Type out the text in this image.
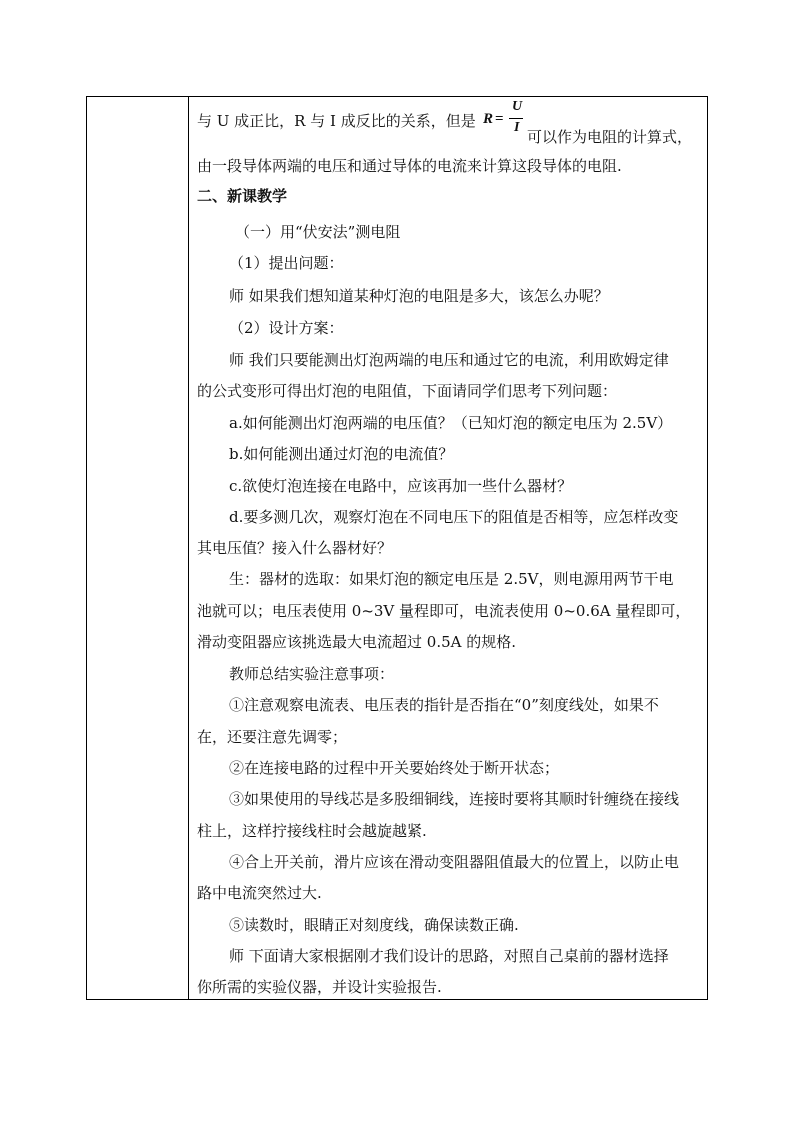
与 U 成正比，R 与 I 成反比的关系，但是 R =
U
I
可以作为电阻的计算式，
由一段导体两端的电压和通过导体的电流来计算这段导体的电阻.
二、新课教学
（一）用“伏安法”测电阻
（1）提出问题：
师 如果我们想知道某种灯泡的电阻是多大，该怎么办呢？
（2）设计方案：
师 我们只要能测出灯泡两端的电压和通过它的电流，利用欧姆定律
的公式变形可得出灯泡的电阻值，下面请同学们思考下列问题：
a.如何能测出灯泡两端的电压值？（已知灯泡的额定电压为 2.5V）
b.如何能测出通过灯泡的电流值？
c.欲使灯泡连接在电路中，应该再加一些什么器材？
d.要多测几次，观察灯泡在不同电压下的阻值是否相等，应怎样改变
其电压值？接入什么器材好？
生：器材的选取：如果灯泡的额定电压是 2.5V，则电源用两节干电
池就可以；电压表使用 0~3V 量程即可，电流表使用 0~0.6A 量程即可，
滑动变阻器应该挑选最大电流超过 0.5A 的规格.
教师总结实验注意事项：
①注意观察电流表、电压表的指针是否指在“0”刻度线处，如果不
在，还要注意先调零；
②在连接电路的过程中开关要始终处于断开状态；
③如果使用的导线芯是多股细铜线，连接时要将其顺时针缠绕在接线
柱上，这样拧接线柱时会越旋越紧.
④合上开关前，滑片应该在滑动变阻器阻值最大的位置上，以防止电
路中电流突然过大.
⑤读数时，眼睛正对刻度线，确保读数正确.
师 下面请大家根据刚才我们设计的思路，对照自己桌前的器材选择
你所需的实验仪器，并设计实验报告.
